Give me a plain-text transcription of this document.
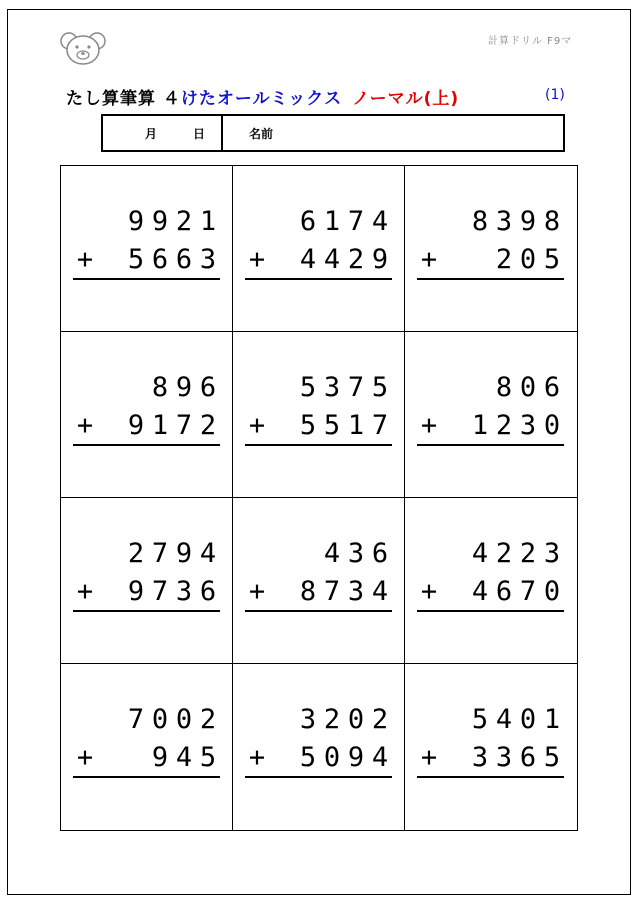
計算ドリル F9マ
たし算筆算 ４けたオールミックス ノーマル(上)	(1)
月	日	名前
9 9 2 1
+ 5 6 6 3
6 1 7 4
+ 4 4 2 9
8 3 9 8
+ 2 0 5
8 9 6
+ 9 1 7 2
5 3 7 5
+ 5 5 1 7
8 0 6
+ 1 2 3 0
2 7 9 4
+ 9 7 3 6
4 3 6
+ 8 7 3 4
4 2 2 3
+ 4 6 7 0
7 0 0 2
+ 9 4 5
3 2 0 2
+ 5 0 9 4
5 4 0 1
+ 3 3 6 5
